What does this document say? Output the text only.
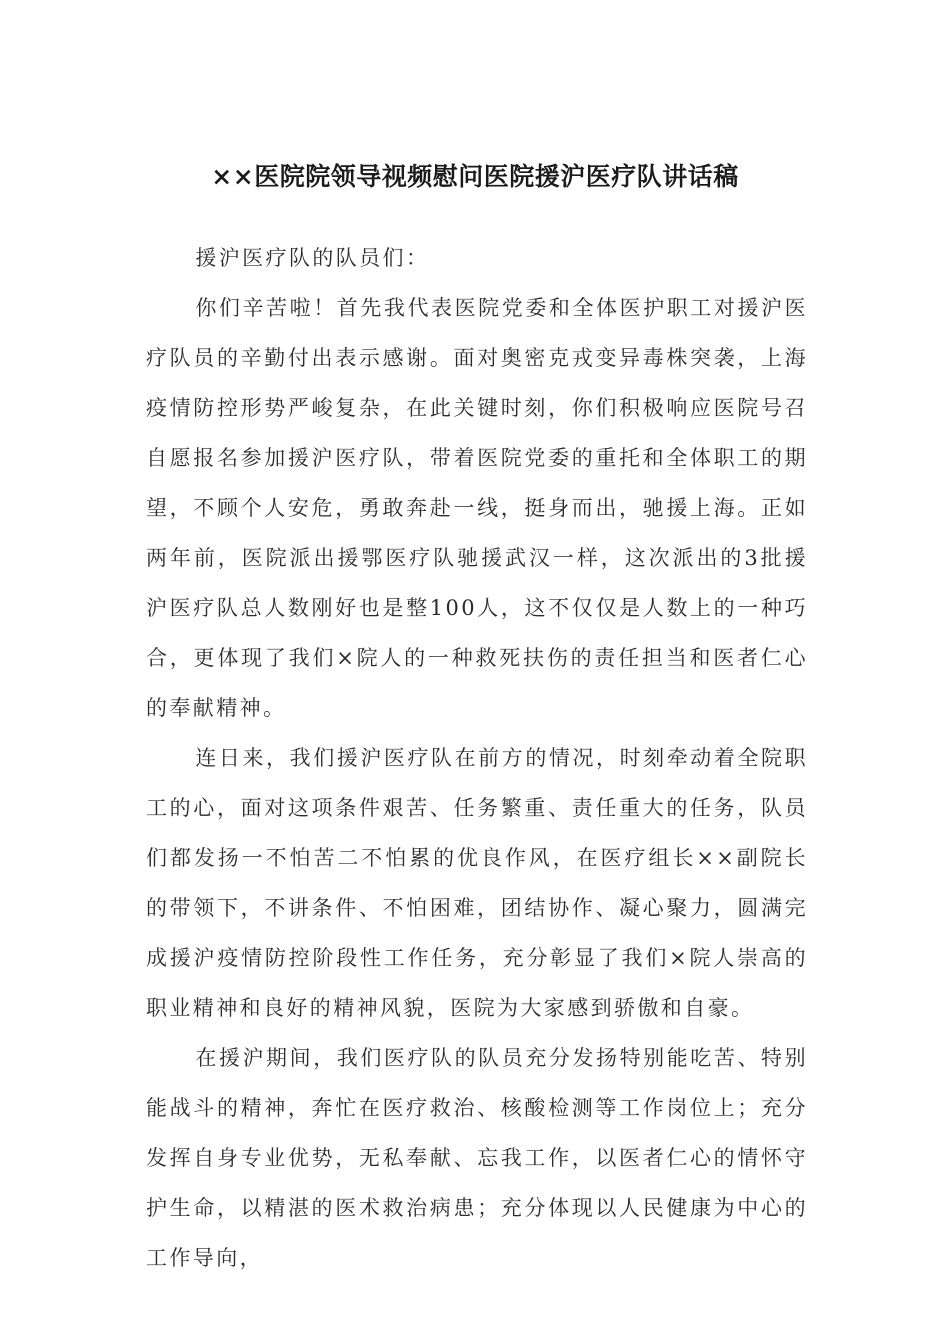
××医院院领导视频慰问医院援沪医疗队讲话稿

援沪医疗队的队员们：

你们辛苦啦！首先我代表医院党委和全体医护职工对援沪医疗队员的辛勤付出表示感谢。面对奥密克戎变异毒株突袭，上海疫情防控形势严峻复杂，在此关键时刻，你们积极响应医院号召自愿报名参加援沪医疗队，带着医院党委的重托和全体职工的期望，不顾个人安危，勇敢奔赴一线，挺身而出，驰援上海。正如两年前，医院派出援鄂医疗队驰援武汉一样，这次派出的3批援沪医疗队总人数刚好也是整100人，这不仅仅是人数上的一种巧合，更体现了我们×院人的一种救死扶伤的责任担当和医者仁心的奉献精神。

连日来，我们援沪医疗队在前方的情况，时刻牵动着全院职工的心，面对这项条件艰苦、任务繁重、责任重大的任务，队员们都发扬一不怕苦二不怕累的优良作风，在医疗组长××副院长的带领下，不讲条件、不怕困难，团结协作、凝心聚力，圆满完成援沪疫情防控阶段性工作任务，充分彰显了我们×院人崇高的职业精神和良好的精神风貌，医院为大家感到骄傲和自豪。

在援沪期间，我们医疗队的队员充分发扬特别能吃苦、特别能战斗的精神，奔忙在医疗救治、核酸检测等工作岗位上；充分发挥自身专业优势，无私奉献、忘我工作，以医者仁心的情怀守护生命，以精湛的医术救治病患；充分体现以人民健康为中心的工作导向，
